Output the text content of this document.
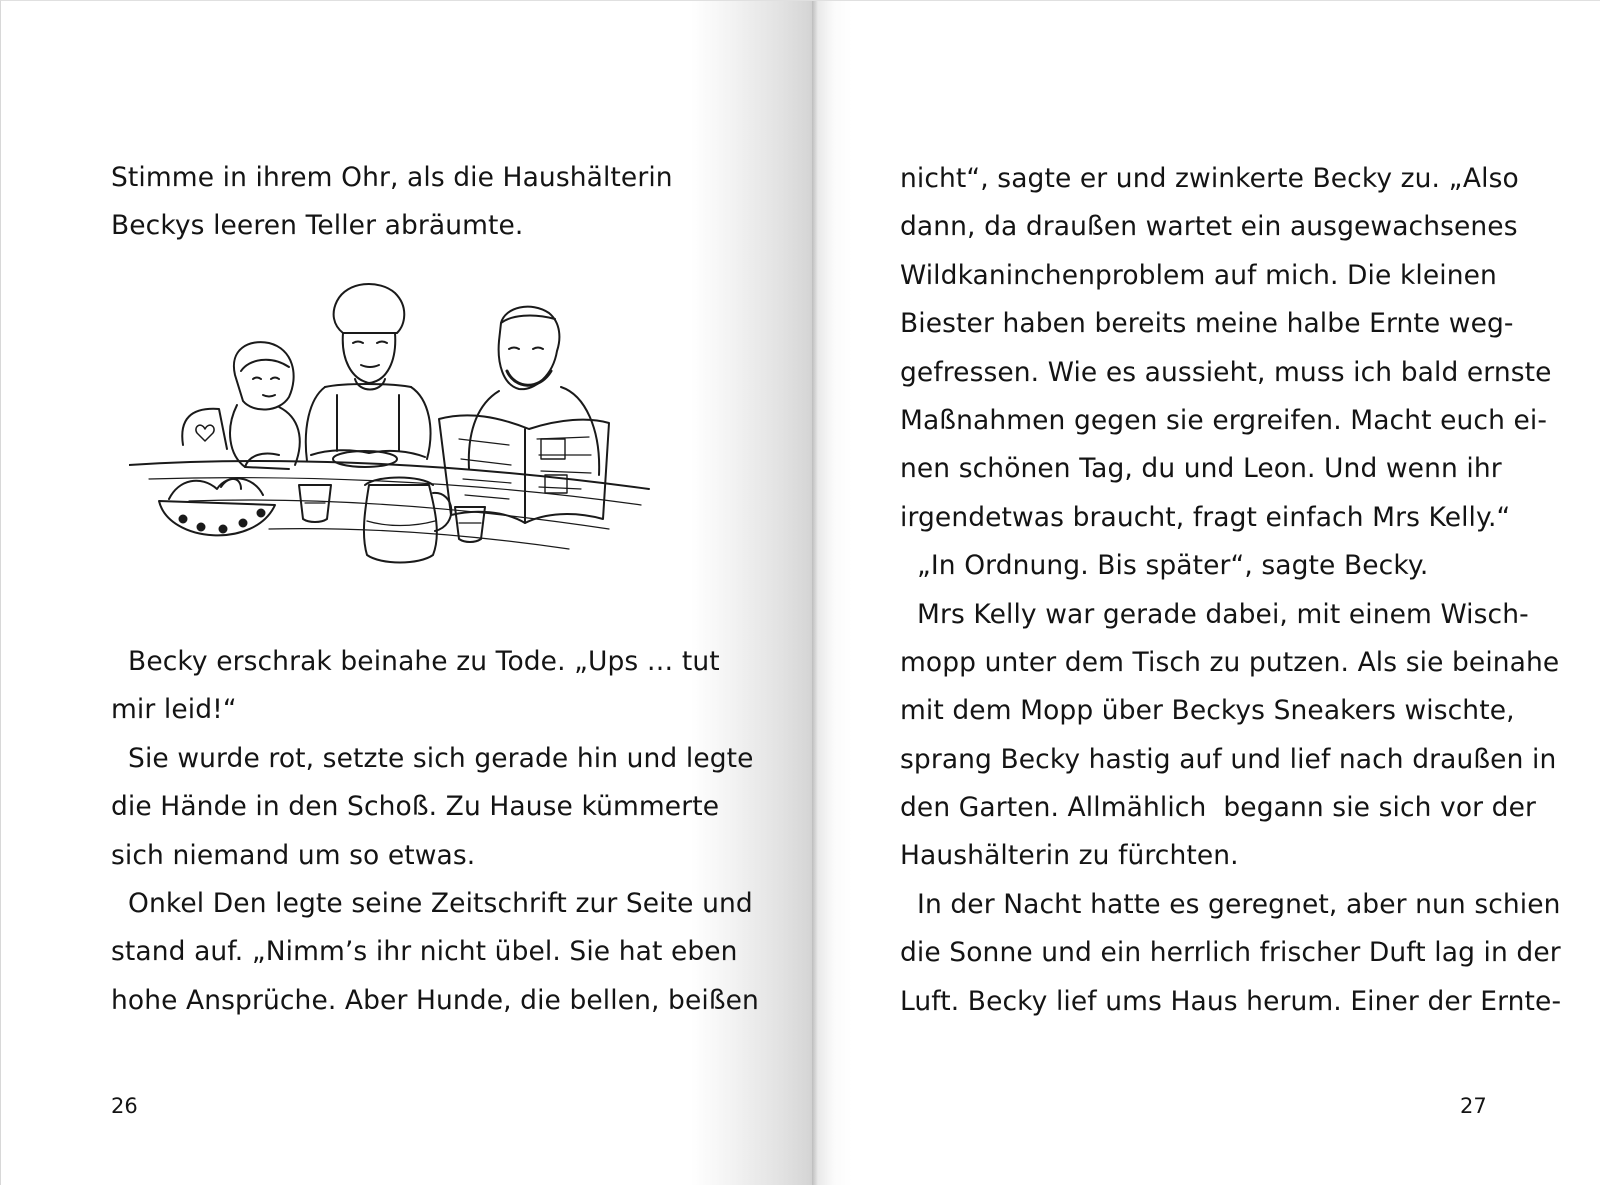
Stimme in ihrem Ohr, als die Haushälterin
Beckys leeren Teller abräumte.
Becky erschrak beinahe zu Tode. „Ups … tut
mir leid!“
Sie wurde rot, setzte sich gerade hin und legte
die Hände in den Schoß. Zu Hause kümmerte
sich niemand um so etwas.
Onkel Den legte seine Zeitschrift zur Seite und
stand auf. „Nimm’s ihr nicht übel. Sie hat eben
hohe Ansprüche. Aber Hunde, die bellen, beißen
26
nicht“, sagte er und zwinkerte Becky zu. „Also
dann, da draußen wartet ein ausgewachsenes
Wildkaninchenproblem auf mich. Die kleinen
Biester haben bereits meine halbe Ernte weg-
gefressen. Wie es aussieht, muss ich bald ernste
Maßnahmen gegen sie ergreifen. Macht euch ei-
nen schönen Tag, du und Leon. Und wenn ihr
irgendetwas braucht, fragt einfach Mrs Kelly.“
„In Ordnung. Bis später“, sagte Becky.
Mrs Kelly war gerade dabei, mit einem Wisch-
mopp unter dem Tisch zu putzen. Als sie beinahe
mit dem Mopp über Beckys Sneakers wischte,
sprang Becky hastig auf und lief nach draußen in
den Garten. Allmählich  begann sie sich vor der
Haushälterin zu fürchten.
In der Nacht hatte es geregnet, aber nun schien
die Sonne und ein herrlich frischer Duft lag in der
Luft. Becky lief ums Haus herum. Einer der Ernte-
27
